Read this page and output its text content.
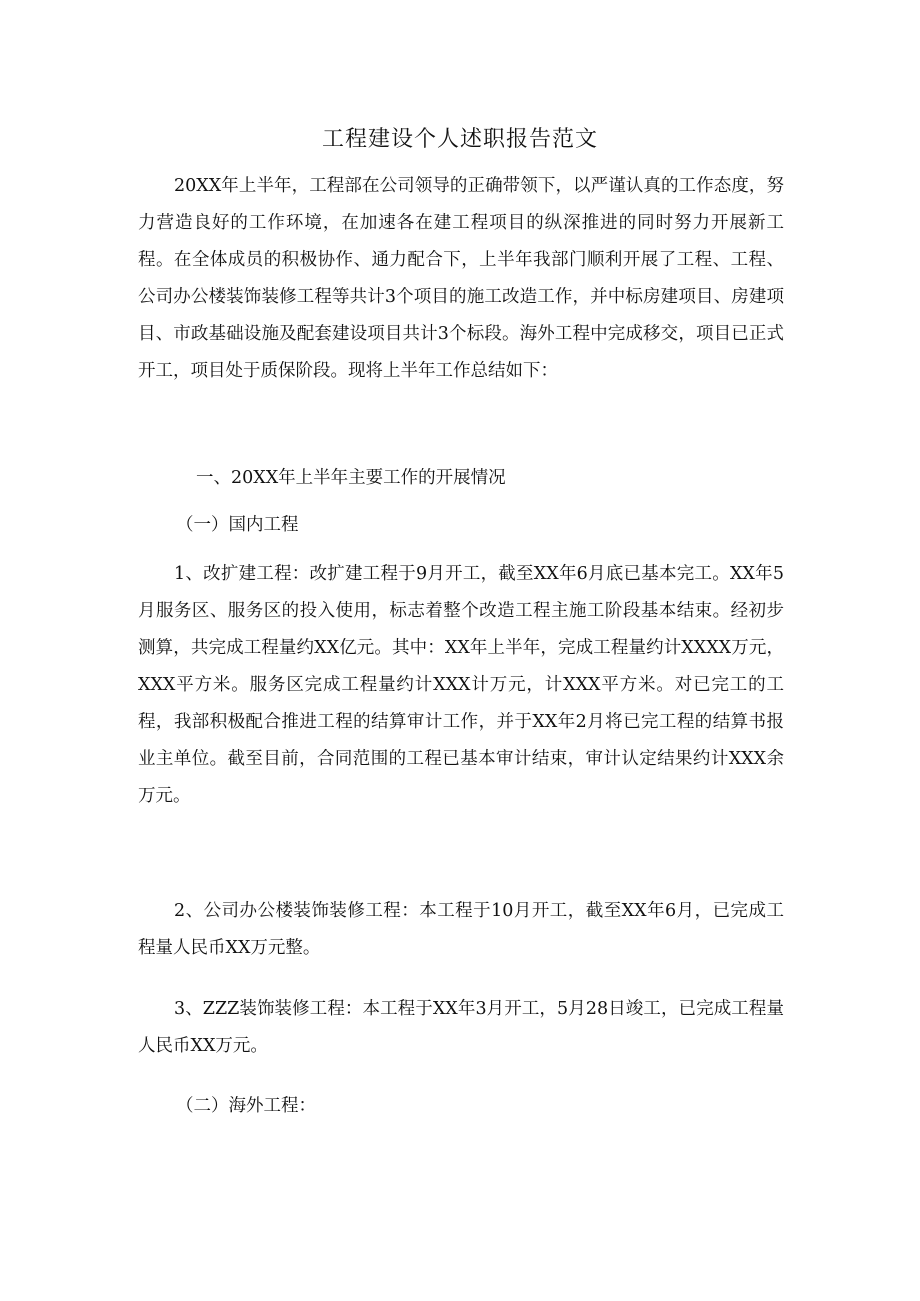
工程建设个人述职报告范文

20XX年上半年，工程部在公司领导的正确带领下，以严谨认真的工作态度，努力营造良好的工作环境，在加速各在建工程项目的纵深推进的同时努力开展新工程。在全体成员的积极协作、通力配合下，上半年我部门顺利开展了工程、工程、公司办公楼装饰装修工程等共计3个项目的施工改造工作，并中标房建项目、房建项目、市政基础设施及配套建设项目共计3个标段。海外工程中完成移交，项目已正式开工，项目处于质保阶段。现将上半年工作总结如下：

一、20XX年上半年主要工作的开展情况
（一）国内工程

1、改扩建工程：改扩建工程于9月开工，截至XX年6月底已基本完工。XX年5月服务区、服务区的投入使用，标志着整个改造工程主施工阶段基本结束。经初步测算，共完成工程量约XX亿元。其中：XX年上半年，完成工程量约计XXXX万元，XXX平方米。服务区完成工程量约计XXX计万元，计XXX平方米。对已完工的工程，我部积极配合推进工程的结算审计工作，并于XX年2月将已完工程的结算书报业主单位。截至目前，合同范围的工程已基本审计结束，审计认定结果约计XXX余万元。

2、公司办公楼装饰装修工程：本工程于10月开工，截至XX年6月，已完成工程量人民币XX万元整。

3、ZZZ装饰装修工程：本工程于XX年3月开工，5月28日竣工，已完成工程量人民币XX万元。

（二）海外工程：
